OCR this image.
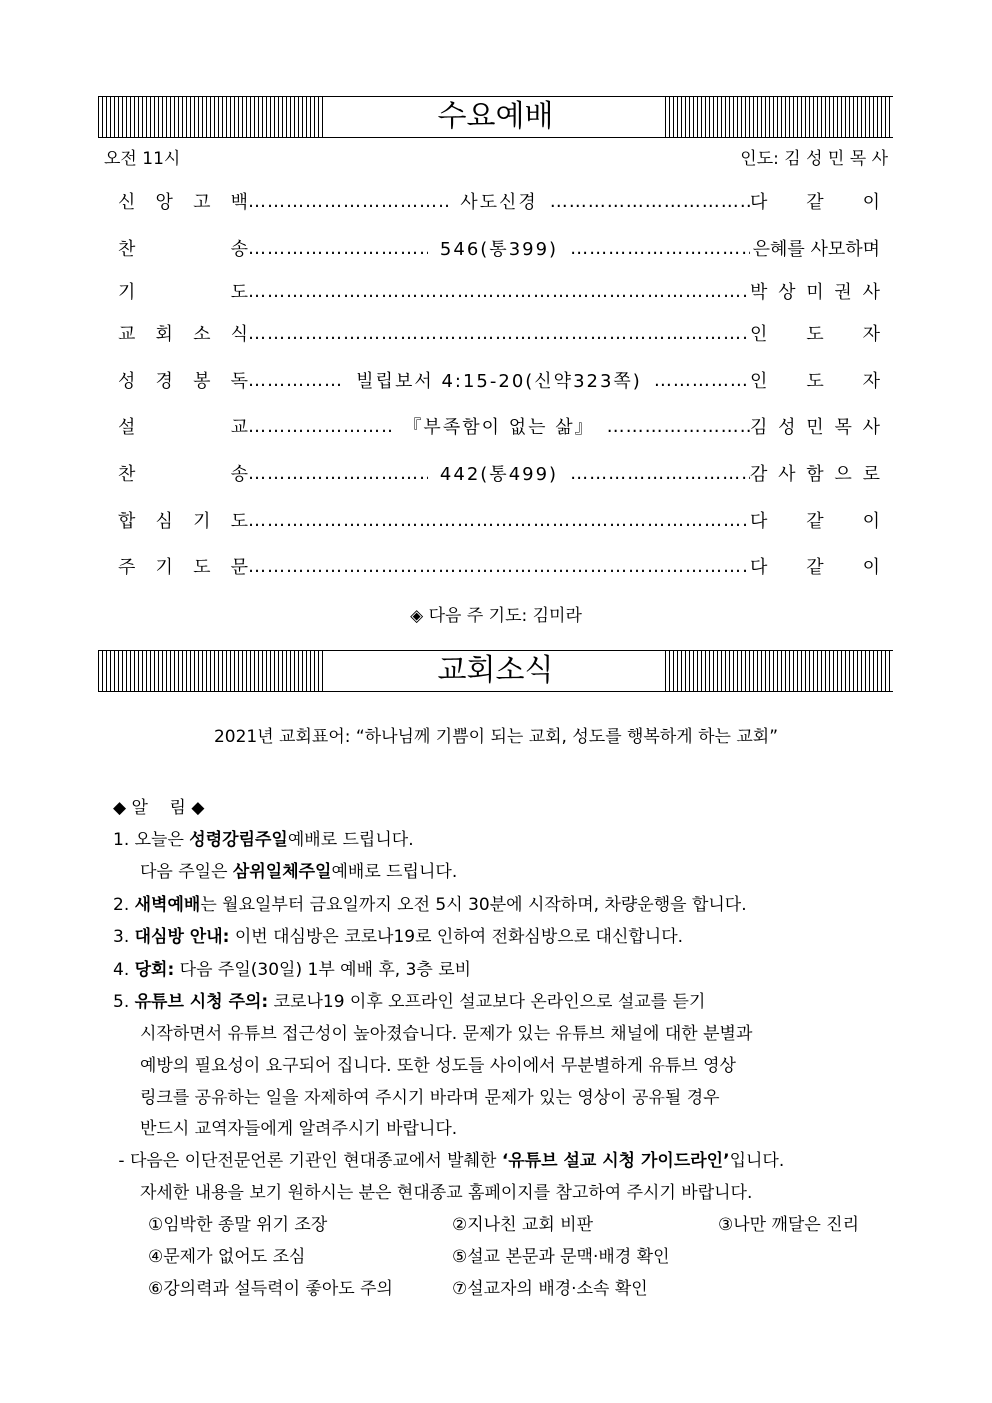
수요예배
오전 11시	인도: 김 성 민 목 사
신 앙 고 백 …………………………………………………………………………………………………………………………	사도신경 …………………………………………………………………………………………………………………………	다 같 이
찬	송 …………………………………………………………………………………………………………………………	546(통399) …………………………………………………………………………………………………………………………	은혜를 사모하며
기	도 …………………………………………………………………………………………………………………………	박 상 미 권 사
교 회 소 식 …………………………………………………………………………………………………………………………	인 도 자
성 경 봉 독 …………………………………………………………………………………………………………………………	빌립보서 4:15-20(신약323쪽) …………………………………………………………………………………………………………………………	인 도 자
설	교 …………………………………………………………………………………………………………………………	『부족함이 없는 삶』 …………………………………………………………………………………………………………………………	김 성 민 목 사
찬	송 …………………………………………………………………………………………………………………………	442(통499) …………………………………………………………………………………………………………………………	감 사 함 으 로
합 심 기 도 …………………………………………………………………………………………………………………………	다 같 이
주 기 도 문 …………………………………………………………………………………………………………………………	다 같 이
◈ 다음 주 기도: 김미라
교회소식
2021년 교회표어: “하나님께 기쁨이 되는 교회, 성도를 행복하게 하는 교회”
◆ 알    림 ◆
1. 오늘은 성령강림주일예배로 드립니다.
다음 주일은 삼위일체주일예배로 드립니다.
2. 새벽예배는 월요일부터 금요일까지 오전 5시 30분에 시작하며, 차량운행을 합니다.
3. 대심방 안내: 이번 대심방은 코로나19로 인하여 전화심방으로 대신합니다.
4. 당회: 다음 주일(30일) 1부 예배 후, 3층 로비
5. 유튜브 시청 주의: 코로나19 이후 오프라인 설교보다 온라인으로 설교를 듣기
시작하면서 유튜브 접근성이 높아졌습니다. 문제가 있는 유튜브 채널에 대한 분별과
예방의 필요성이 요구되어 집니다. 또한 성도들 사이에서 무분별하게 유튜브 영상
링크를 공유하는 일을 자제하여 주시기 바라며 문제가 있는 영상이 공유될 경우
반드시 교역자들에게 알려주시기 바랍니다.
- 다음은 이단전문언론 기관인 현대종교에서 발췌한 ‘유튜브 설교 시청 가이드라인’입니다.
자세한 내용을 보기 원하시는 분은 현대종교 홈페이지를 참고하여 주시기 바랍니다.
①임박한 종말 위기 조장	②지나친 교회 비판	③나만 깨달은 진리
④문제가 없어도 조심	⑤설교 본문과 문맥·배경 확인
⑥강의력과 설득력이 좋아도 주의	⑦설교자의 배경·소속 확인
